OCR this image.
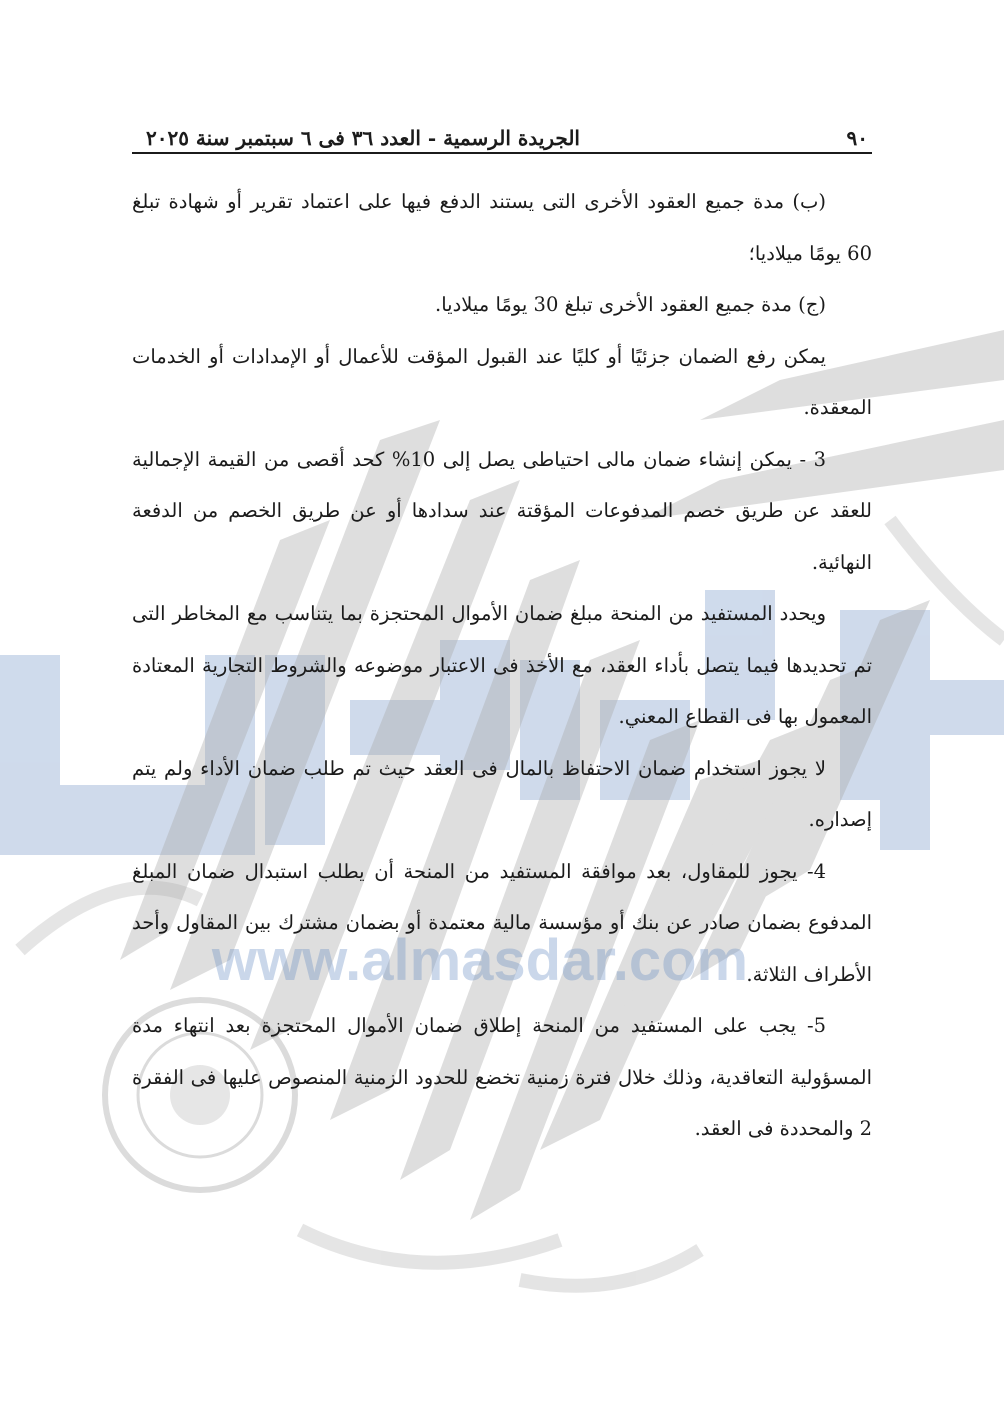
www.almasdar.com
٩٠
الجريدة الرسمية - العدد ٣٦ فى ٦ سبتمبر سنة ٢٠٢٥

(ب) مدة جميع العقود الأخرى التى يستند الدفع فيها على اعتماد تقرير أو شهادة تبلغ 60 يومًا ميلاديا؛

(ج) مدة جميع العقود الأخرى تبلغ 30 يومًا ميلاديا.

يمكن رفع الضمان جزئيًا أو كليًا عند القبول المؤقت للأعمال أو الإمدادات أو الخدمات المعقدة.

3 - يمكن إنشاء ضمان مالى احتياطى يصل إلى 10% كحد أقصى من القيمة الإجمالية للعقد عن طريق خصم المدفوعات المؤقتة عند سدادها أو عن طريق الخصم من الدفعة النهائية.

ويحدد المستفيد من المنحة مبلغ ضمان الأموال المحتجزة بما يتناسب مع المخاطر التى تم تحديدها فيما يتصل بأداء العقد، مع الأخذ فى الاعتبار موضوعه والشروط التجارية المعتادة المعمول بها فى القطاع المعني.

لا يجوز استخدام ضمان الاحتفاظ بالمال فى العقد حيث تم طلب ضمان الأداء ولم يتم إصداره.

4- يجوز للمقاول، بعد موافقة المستفيد من المنحة أن يطلب استبدال ضمان المبلغ المدفوع بضمان صادر عن بنك أو مؤسسة مالية معتمدة أو بضمان مشترك بين المقاول وأحد الأطراف الثلاثة.

5- يجب على المستفيد من المنحة إطلاق ضمان الأموال المحتجزة بعد انتهاء مدة المسؤولية التعاقدية، وذلك خلال فترة زمنية تخضع للحدود الزمنية المنصوص عليها فى الفقرة 2 والمحددة فى العقد.
